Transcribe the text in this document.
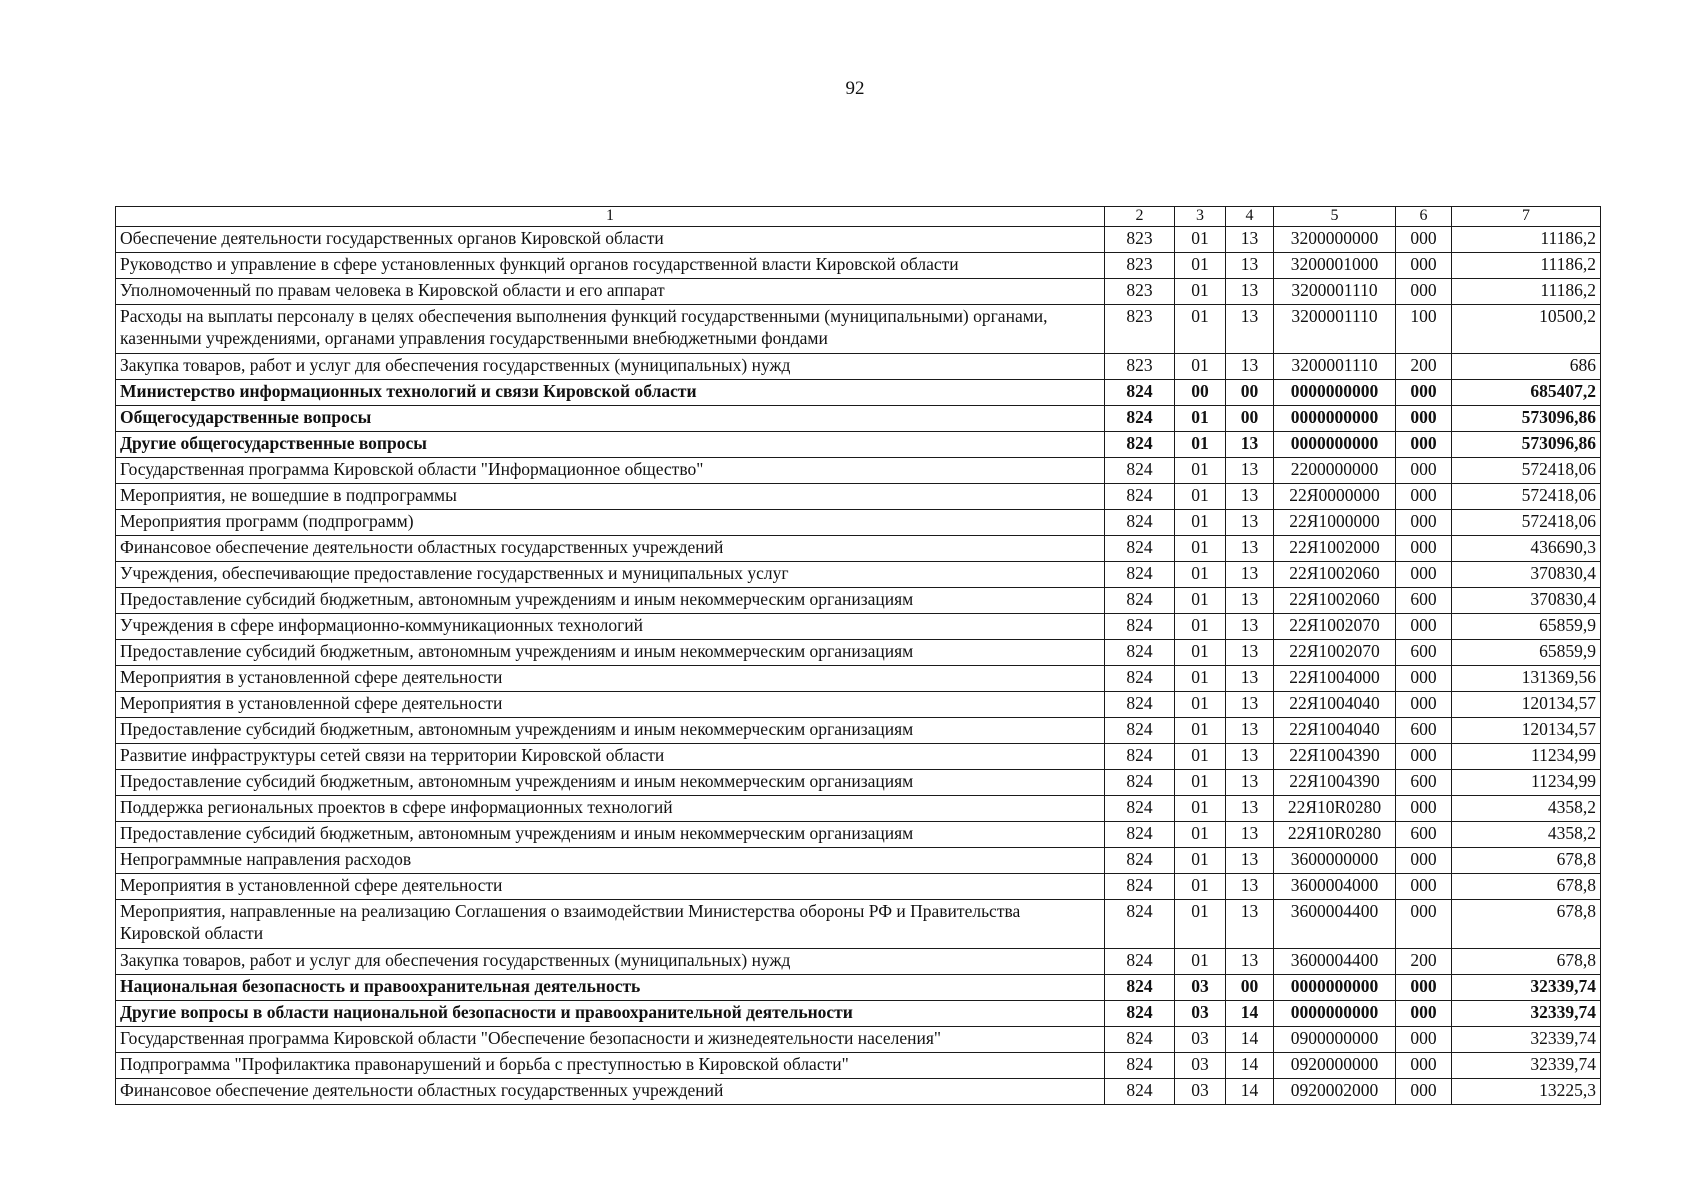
92
1	2	3	4	5	6	7
Обеспечение деятельности государственных органов Кировской области	823	01	13	3200000000	000	11186,2
Руководство и управление в сфере установленных функций органов государственной власти Кировской области	823	01	13	3200001000	000	11186,2
Уполномоченный по правам человека в Кировской области и его аппарат	823	01	13	3200001110	000	11186,2
Расходы на выплаты персоналу в целях обеспечения выполнения функций государственными (муниципальными) органами, казенными учреждениями, органами управления государственными внебюджетными фондами	823	01	13	3200001110	100	10500,2
Закупка товаров, работ и услуг для обеспечения государственных (муниципальных) нужд	823	01	13	3200001110	200	686
Министерство информационных технологий и связи Кировской области	824	00	00	0000000000	000	685407,2
Общегосударственные вопросы	824	01	00	0000000000	000	573096,86
Другие общегосударственные вопросы	824	01	13	0000000000	000	573096,86
Государственная программа Кировской области "Информационное общество"	824	01	13	2200000000	000	572418,06
Мероприятия, не вошедшие в подпрограммы	824	01	13	22Я0000000	000	572418,06
Мероприятия программ (подпрограмм)	824	01	13	22Я1000000	000	572418,06
Финансовое обеспечение деятельности областных государственных учреждений	824	01	13	22Я1002000	000	436690,3
Учреждения, обеспечивающие предоставление государственных и муниципальных услуг	824	01	13	22Я1002060	000	370830,4
Предоставление субсидий бюджетным, автономным учреждениям и иным некоммерческим организациям	824	01	13	22Я1002060	600	370830,4
Учреждения в сфере информационно-коммуникационных технологий	824	01	13	22Я1002070	000	65859,9
Предоставление субсидий бюджетным, автономным учреждениям и иным некоммерческим организациям	824	01	13	22Я1002070	600	65859,9
Мероприятия в установленной сфере деятельности	824	01	13	22Я1004000	000	131369,56
Мероприятия в установленной сфере деятельности	824	01	13	22Я1004040	000	120134,57
Предоставление субсидий бюджетным, автономным учреждениям и иным некоммерческим организациям	824	01	13	22Я1004040	600	120134,57
Развитие инфраструктуры сетей связи на территории Кировской области	824	01	13	22Я1004390	000	11234,99
Предоставление субсидий бюджетным, автономным учреждениям и иным некоммерческим организациям	824	01	13	22Я1004390	600	11234,99
Поддержка региональных проектов в сфере информационных технологий	824	01	13	22Я10R0280	000	4358,2
Предоставление субсидий бюджетным, автономным учреждениям и иным некоммерческим организациям	824	01	13	22Я10R0280	600	4358,2
Непрограммные направления расходов	824	01	13	3600000000	000	678,8
Мероприятия в установленной сфере деятельности	824	01	13	3600004000	000	678,8
Мероприятия, направленные на реализацию Соглашения о взаимодействии Министерства обороны РФ и Правительства Кировской области	824	01	13	3600004400	000	678,8
Закупка товаров, работ и услуг для обеспечения государственных (муниципальных) нужд	824	01	13	3600004400	200	678,8
Национальная безопасность и правоохранительная деятельность	824	03	00	0000000000	000	32339,74
Другие вопросы в области национальной безопасности и правоохранительной деятельности	824	03	14	0000000000	000	32339,74
Государственная программа Кировской области "Обеспечение безопасности и жизнедеятельности населения"	824	03	14	0900000000	000	32339,74
Подпрограмма "Профилактика правонарушений и борьба с преступностью в Кировской области"	824	03	14	0920000000	000	32339,74
Финансовое обеспечение деятельности областных государственных учреждений	824	03	14	0920002000	000	13225,3
